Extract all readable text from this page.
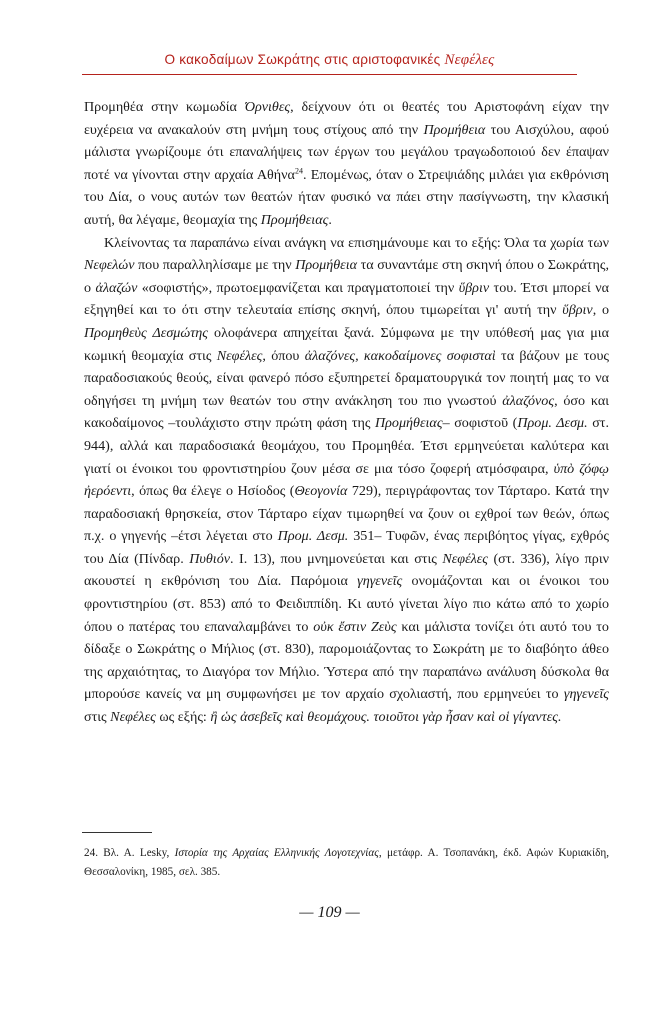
Ο κακοδαίμων Σωκράτης στις αριστοφανικές Νεφέλες

Προμηθέα στην κωμωδία Όρνιθες, δείχνουν ότι οι θεατές του Αριστοφάνη είχαν την ευχέρεια να ανακαλούν στη μνήμη τους στίχους από την Προμήθεια του Αισχύλου, αφού μάλιστα γνωρίζουμε ότι επαναλήψεις των έργων του μεγάλου τραγωδοποιού δεν έπαψαν ποτέ να γίνονται στην αρχαία Αθήνα$^{24}$. Επομένως, όταν ο Στρεψιάδης μιλάει για εκθρόνιση του Δία, ο νους αυτών των θεατών ήταν φυσικό να πάει στην πασίγνωστη, την κλασική αυτή, θα λέγαμε, θεομαχία της Προμήθειας.

Κλείνοντας τα παραπάνω είναι ανάγκη να επισημάνουμε και το εξής: Όλα τα χωρία των Νεφελών που παραλληλίσαμε με την Προμήθεια τα συναντάμε στη σκηνή όπου ο Σωκράτης, ο ἀλαζών «σοφιστής», πρωτοεμφανίζεται και πραγματοποιεί την ὕβριν του. Έτσι μπορεί να εξηγηθεί και το ότι στην τελευταία επίσης σκηνή, όπου τιμωρείται γι' αυτή την ὕβριν, ο Προμηθεὺς Δεσμώτης ολοφάνερα απηχείται ξανά. Σύμφωνα με την υπόθεσή μας για μια κωμική θεομαχία στις Νεφέλες, όπου ἀλαζόνες, κακοδαίμονες σοφισταὶ τα βάζουν με τους παραδοσιακούς θεούς, είναι φανερό πόσο εξυπηρετεί δραματουργικά τον ποιητή μας το να οδηγήσει τη μνήμη των θεατών του στην ανάκληση του πιο γνωστού ἀλαζόνος, όσο και κακοδαίμονος –τουλάχιστο στην πρώτη φάση της Προμήθειας– σοφιστοῦ (Προμ. Δεσμ. στ. 944), αλλά και παραδοσιακά θεομάχου, του Προμηθέα. Έτσι ερμηνεύεται καλύτερα και γιατί οι ένοικοι του φροντιστηρίου ζουν μέσα σε μια τόσο ζοφερή ατμόσφαιρα, ὑπὸ ζόφῳ ἠερόεντι, όπως θα έλεγε ο Ησίοδος (Θεογονία 729), περιγράφοντας τον Τάρταρο. Κατά την παραδοσιακή θρησκεία, στον Τάρταρο είχαν τιμωρηθεί να ζουν οι εχθροί των θεών, όπως π.χ. ο γηγενής –έτσι λέγεται στο Προμ. Δεσμ. 351– Τυφῶν, ένας περιβόητος γίγας, εχθρός του Δία (Πίνδαρ. Πυθιόν. Ι. 13), που μνημονεύεται και στις Νεφέλες (στ. 336), λίγο πριν ακουστεί η εκθρόνιση του Δία. Παρόμοια γηγενεῖς ονομάζονται και οι ένοικοι του φροντιστηρίου (στ. 853) από το Φειδιππίδη. Κι αυτό γίνεται λίγο πιο κάτω από το χωρίο όπου ο πατέρας του επαναλαμβάνει το οὐκ ἔστιν Ζεὺς και μάλιστα τονίζει ότι αυτό του το δίδαξε ο Σωκράτης ο Μήλιος (στ. 830), παρομοιάζοντας το Σωκράτη με το διαβόητο άθεο της αρχαιότητας, το Διαγόρα τον Μήλιο. Ύστερα από την παραπάνω ανάλυση δύσκολα θα μπορούσε κανείς να μη συμφωνήσει με τον αρχαίο σχολιαστή, που ερμηνεύει το γηγενεῖς στις Νεφέλες ως εξής: ἢ ὡς ἀσεβεῖς καὶ θεομάχους. τοιοῦτοι γὰρ ἦσαν καὶ οἱ γίγαντες.

24. Βλ. Α. Lesky, Ιστορία της Αρχαίας Ελληνικής Λογοτεχνίας, μετάφρ. Α. Τσοπανάκη, έκδ. Αφών Κυριακίδη, Θεσσαλονίκη, 1985, σελ. 385.
— 109 —
